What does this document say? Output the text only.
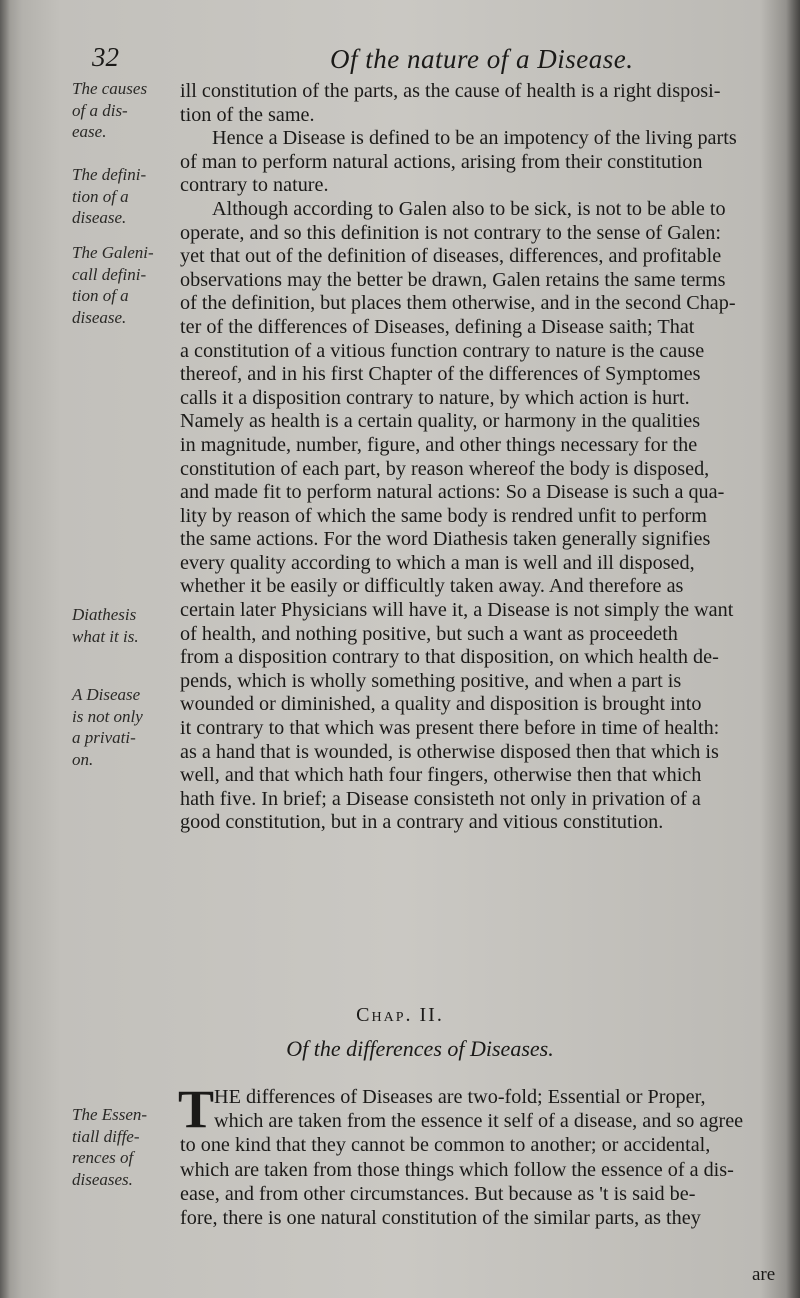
32	Of the nature of a Disease.
The causes
of a dis-
ease.
The defini-
tion of a
disease.
The Galeni-
call defini-
tion of a
disease.
Diathesis
what it is.
A Disease
is not only
a privati-
on.
The Essen-
tiall diffe-
rences of
diseases.
ill constitution of the parts, as the cause of health is a right disposi-
tion of the same.
Hence a Disease is defined to be an impotency of the living parts
of man to perform natural actions, arising from their constitution
contrary to nature.
Although according to Galen also to be sick, is not to be able to
operate, and so this definition is not contrary to the sense of Galen:
yet that out of the definition of diseases, differences, and profitable
observations may the better be drawn, Galen retains the same terms
of the definition, but places them otherwise, and in the second Chap-
ter of the differences of Diseases, defining a Disease saith; That
a constitution of a vitious function contrary to nature is the cause
thereof, and in his first Chapter of the differences of Symptomes
calls it a disposition contrary to nature, by which action is hurt.
Namely as health is a certain quality, or harmony in the qualities
in magnitude, number, figure, and other things necessary for the
constitution of each part, by reason whereof the body is disposed,
and made fit to perform natural actions: So a Disease is such a qua-
lity by reason of which the same body is rendred unfit to perform
the same actions. For the word Diathesis taken generally signifies
every quality according to which a man is well and ill disposed,
whether it be easily or difficultly taken away. And therefore as
certain later Physicians will have it, a Disease is not simply the want
of health, and nothing positive, but such a want as proceedeth
from a disposition contrary to that disposition, on which health de-
pends, which is wholly something positive, and when a part is
wounded or diminished, a quality and disposition is brought into
it contrary to that which was present there before in time of health:
as a hand that is wounded, is otherwise disposed then that which is
well, and that which hath four fingers, otherwise then that which
hath five. In brief; a Disease consisteth not only in privation of a
good constitution, but in a contrary and vitious constitution.
Chap. II.
Of the differences of Diseases.
T HE differences of Diseases are two-fold; Essential or Proper,
which are taken from the essence it self of a disease, and so agree
to one kind that they cannot be common to another; or accidental,
which are taken from those things which follow the essence of a dis-
ease, and from other circumstances. But because as 't is said be-
fore, there is one natural constitution of the similar parts, as they
are
